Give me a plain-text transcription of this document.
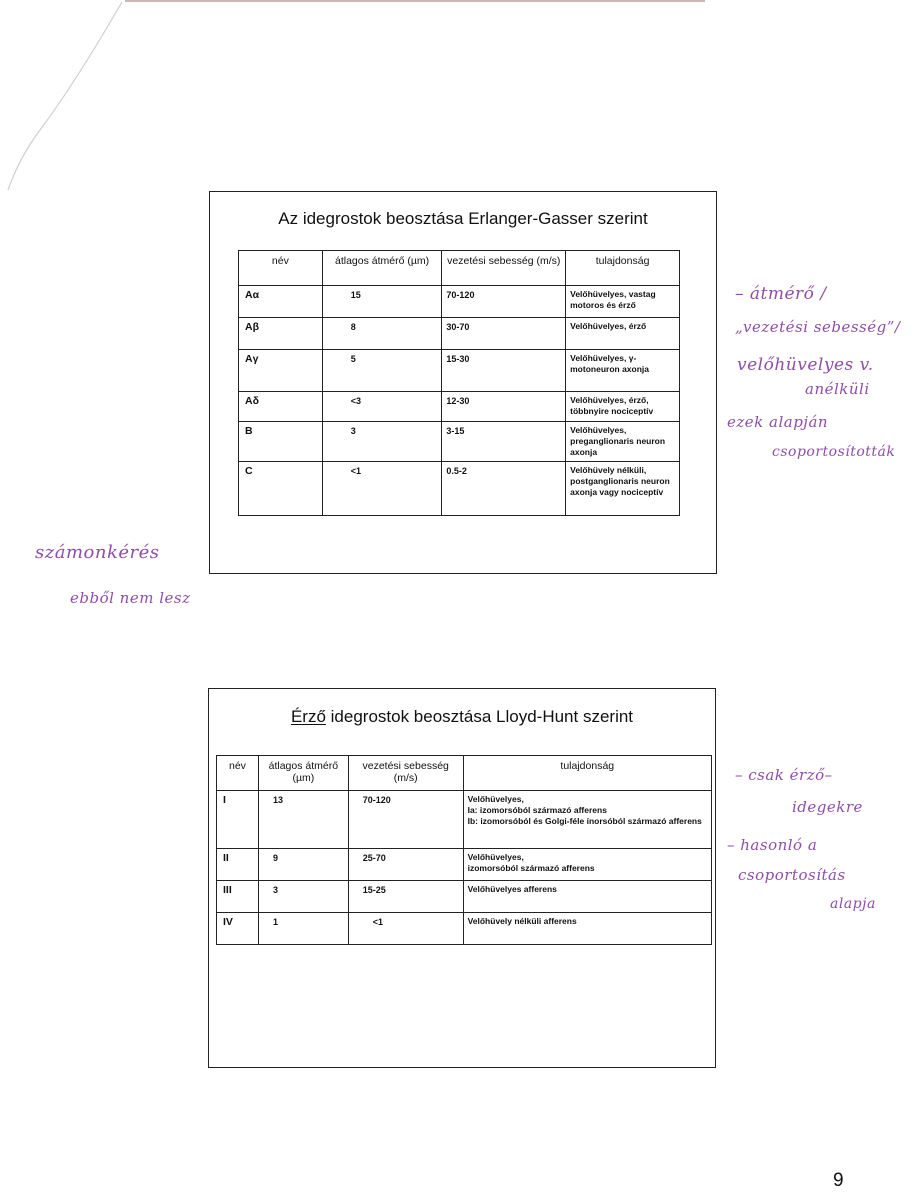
Az idegrostok beosztása Erlanger-Gasser szerint
név	átlagos átmérő (µm)	vezetési sebesség (m/s)	tulajdonság
Aα	15	70-120	Velőhüvelyes, vastag motoros és érző
Aβ	8	30-70	Velőhüvelyes, érző
Aγ	5	15-30	Velőhüvelyes, γ-motoneuron axonja
Aδ	<3	12-30	Velőhüvelyes, érző, többnyire nociceptív
B	3	3-15	Velőhüvelyes, preganglionaris neuron axonja
C	<1	0.5-2	Velőhüvely nélküli, postganglionaris neuron axonja vagy nociceptív
Érző idegrostok beosztása Lloyd-Hunt szerint
név	átlagos átmérő (µm)	vezetési sebesség (m/s)	tulajdonság
I	13	70-120	Velőhüvelyes,
Ia: izomorsóból származó afferens
Ib: izomorsóból és Golgi-féle ínorsóból származó afferens

II	9	25-70	Velőhüvelyes,
izomorsóból származó afferens

III	3	15-25	Velőhüvelyes afferens

IV	1	<1	Velőhüvely nélküli afferens
– átmérő /
„vezetési sebesség”/
velőhüvelyes v.
anélküli
ezek alapján
csoportosították
számonkérés
ebből nem lesz
– csak érző–
idegekre
– hasonló a
csoportosítás
alapja
9
